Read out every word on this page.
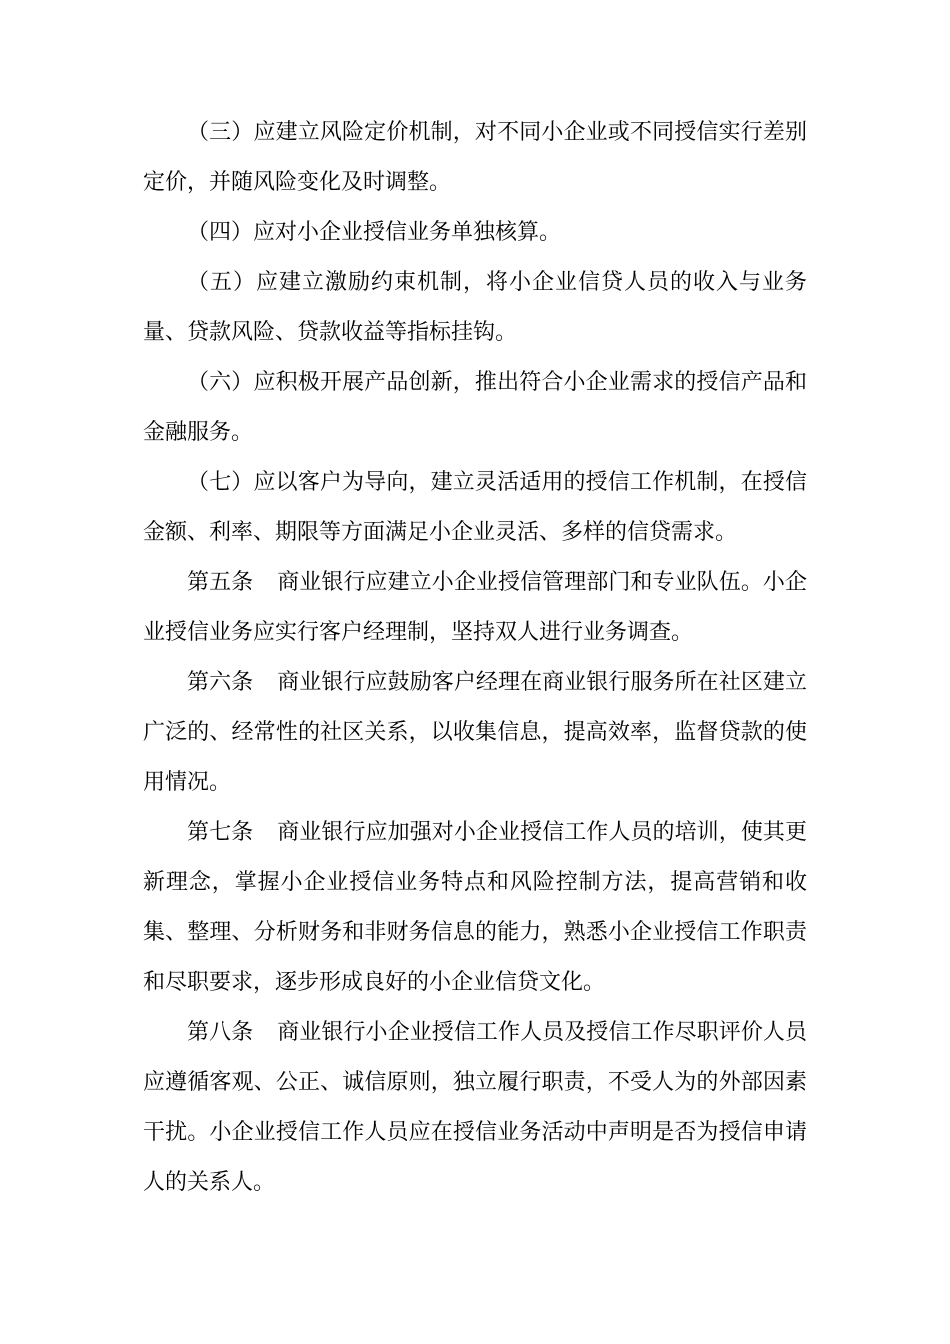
（三）应建立风险定价机制，对不同小企业或不同授信实行差别定价，并随风险变化及时调整。

（四）应对小企业授信业务单独核算。

（五）应建立激励约束机制，将小企业信贷人员的收入与业务量、贷款风险、贷款收益等指标挂钩。

（六）应积极开展产品创新，推出符合小企业需求的授信产品和金融服务。

（七）应以客户为导向，建立灵活适用的授信工作机制，在授信金额、利率、期限等方面满足小企业灵活、多样的信贷需求。

第五条 商业银行应建立小企业授信管理部门和专业队伍。小企业授信业务应实行客户经理制，坚持双人进行业务调查。

第六条 商业银行应鼓励客户经理在商业银行服务所在社区建立广泛的、经常性的社区关系，以收集信息，提高效率，监督贷款的使用情况。

第七条 商业银行应加强对小企业授信工作人员的培训，使其更新理念，掌握小企业授信业务特点和风险控制方法，提高营销和收集、整理、分析财务和非财务信息的能力，熟悉小企业授信工作职责和尽职要求，逐步形成良好的小企业信贷文化。

第八条 商业银行小企业授信工作人员及授信工作尽职评价人员应遵循客观、公正、诚信原则，独立履行职责，不受人为的外部因素干扰。小企业授信工作人员应在授信业务活动中声明是否为授信申请人的关系人。
